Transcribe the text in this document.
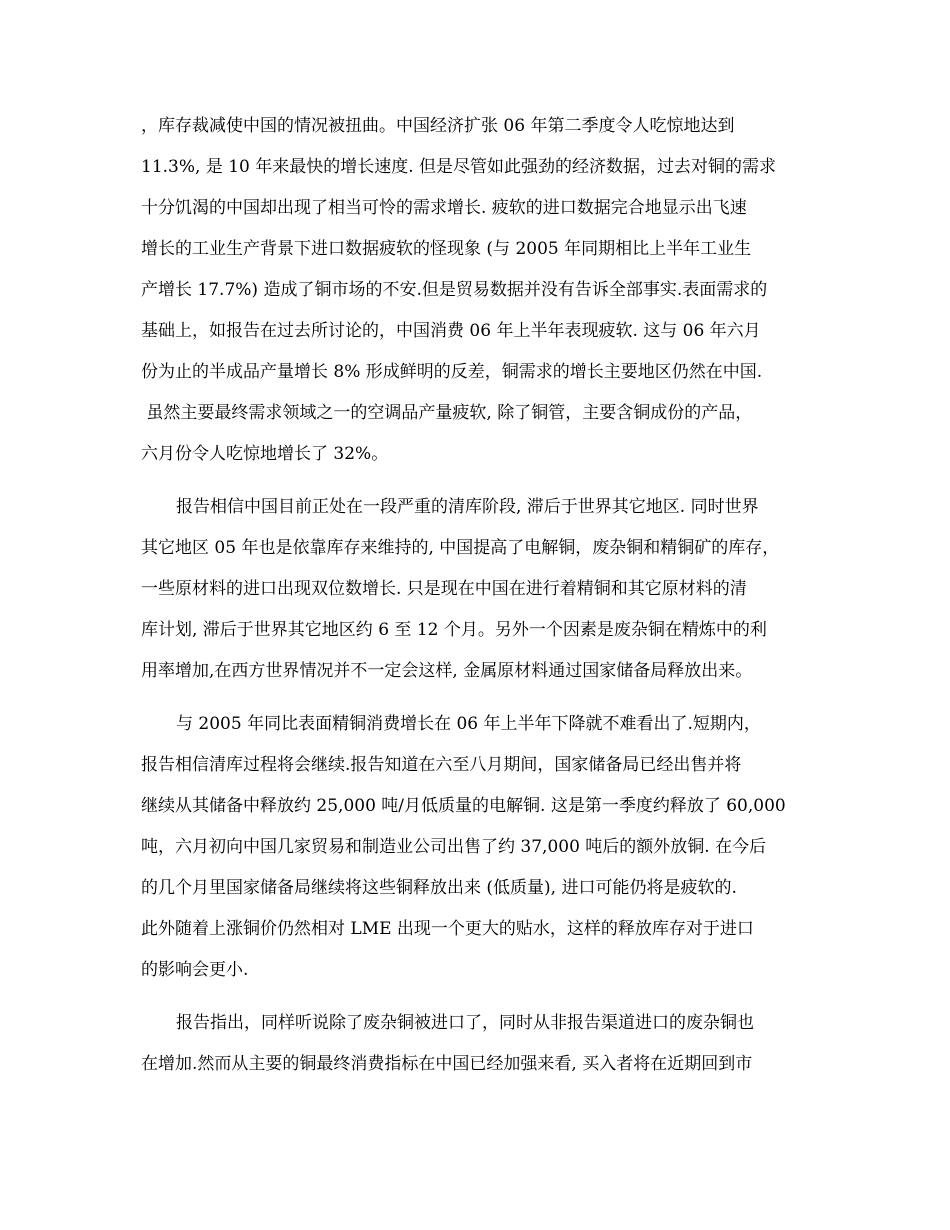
，库存裁减使中国的情况被扭曲。中国经济扩张 06 年第二季度令人吃惊地达到
11.3%, 是 10 年来最快的增长速度. 但是尽管如此强劲的经济数据，过去对铜的需求
十分饥渴的中国却出现了相当可怜的需求增长. 疲软的进口数据完合地显示出飞速
增长的工业生产背景下进口数据疲软的怪现象 (与 2005 年同期相比上半年工业生
产增长 17.7%) 造成了铜市场的不安.但是贸易数据并没有告诉全部事实.表面需求的
基础上，如报告在过去所讨论的，中国消费 06 年上半年表现疲软. 这与 06 年六月
份为止的半成品产量增长 8% 形成鲜明的反差，铜需求的增长主要地区仍然在中国.
虽然主要最终需求领域之一的空调品产量疲软, 除了铜管，主要含铜成份的产品，
六月份令人吃惊地增长了 32%。
报告相信中国目前正处在一段严重的清库阶段, 滞后于世界其它地区. 同时世界
其它地区 05 年也是依靠库存来维持的, 中国提高了电解铜，废杂铜和精铜矿的库存，
一些原材料的进口出现双位数增长. 只是现在中国在进行着精铜和其它原材料的清
库计划, 滞后于世界其它地区约 6 至 12 个月。另外一个因素是废杂铜在精炼中的利
用率增加,在西方世界情况并不一定会这样, 金属原材料通过国家储备局释放出来。
与 2005 年同比表面精铜消费增长在 06 年上半年下降就不难看出了.短期内，
报告相信清库过程将会继续.报告知道在六至八月期间，国家储备局已经出售并将
继续从其储备中释放约 25,000 吨/月低质量的电解铜. 这是第一季度约释放了 60,000
吨，六月初向中国几家贸易和制造业公司出售了约 37,000 吨后的额外放铜. 在今后
的几个月里国家储备局继续将这些铜释放出来 (低质量), 进口可能仍将是疲软的.
此外随着上涨铜价仍然相对 LME 出现一个更大的贴水，这样的释放库存对于进口
的影响会更小.
报告指出，同样听说除了废杂铜被进口了，同时从非报告渠道进口的废杂铜也
在增加.然而从主要的铜最终消费指标在中国已经加强来看, 买入者将在近期回到市
